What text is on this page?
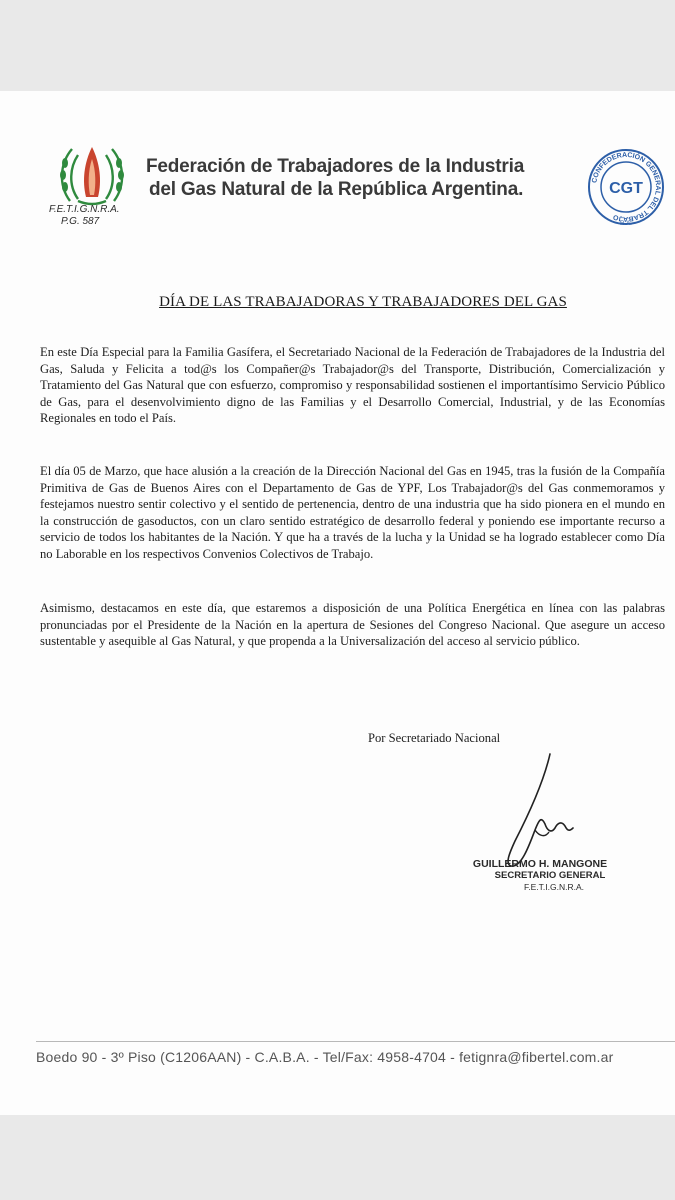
F.E.T.I.G.N.R.A.
P.G. 587
Federación de Trabajadores de la Industria
del Gas Natural de la República Argentina.	CONFEDERACIÓN GENERAL DEL TRABAJO
CGT
R.A.
DÍA DE LAS TRABAJADORAS Y TRABAJADORES DEL GAS
En este Día Especial para la Familia Gasífera, el Secretariado Nacional de la Federación de Trabajadores de la Industria del Gas, Saluda y Felicita a tod@s los Compañer@s Trabajador@s del Transporte, Distribución, Comercialización y Tratamiento del Gas Natural que con esfuerzo, compromiso y responsabilidad sostienen el importantísimo Servicio Público de Gas, para el desenvolvimiento digno de las Familias y el Desarrollo Comercial, Industrial, y de las Economías Regionales en todo el País.
El día 05 de Marzo, que hace alusión a la creación de la Dirección Nacional del Gas en 1945, tras la fusión de la Compañía Primitiva de Gas de Buenos Aires con el Departamento de Gas de YPF, Los Trabajador@s del Gas conmemoramos y festejamos nuestro sentir colectivo y el sentido de pertenencia, dentro de una industria que ha sido pionera en el mundo en la construcción de gasoductos, con un claro sentido estratégico de desarrollo federal y poniendo ese importante recurso a servicio de todos los habitantes de la Nación. Y que ha a través de la lucha y la Unidad se ha logrado establecer como Día no Laborable en los respectivos Convenios Colectivos de Trabajo.
Asimismo, destacamos en este día, que estaremos a disposición de una Política Energética en línea con las palabras pronunciadas por el Presidente de la Nación en la apertura de Sesiones del Congreso Nacional. Que asegure un acceso sustentable y asequible al Gas Natural, y que propenda a la Universalización del acceso al servicio público.
Por Secretariado Nacional
GUILLERMO H. MANGONE
SECRETARIO GENERAL
F.E.T.I.G.N.R.A.
Boedo 90 - 3º Piso (C1206AAN) - C.A.B.A. - Tel/Fax: 4958-4704 - fetignra@fibertel.com.ar
